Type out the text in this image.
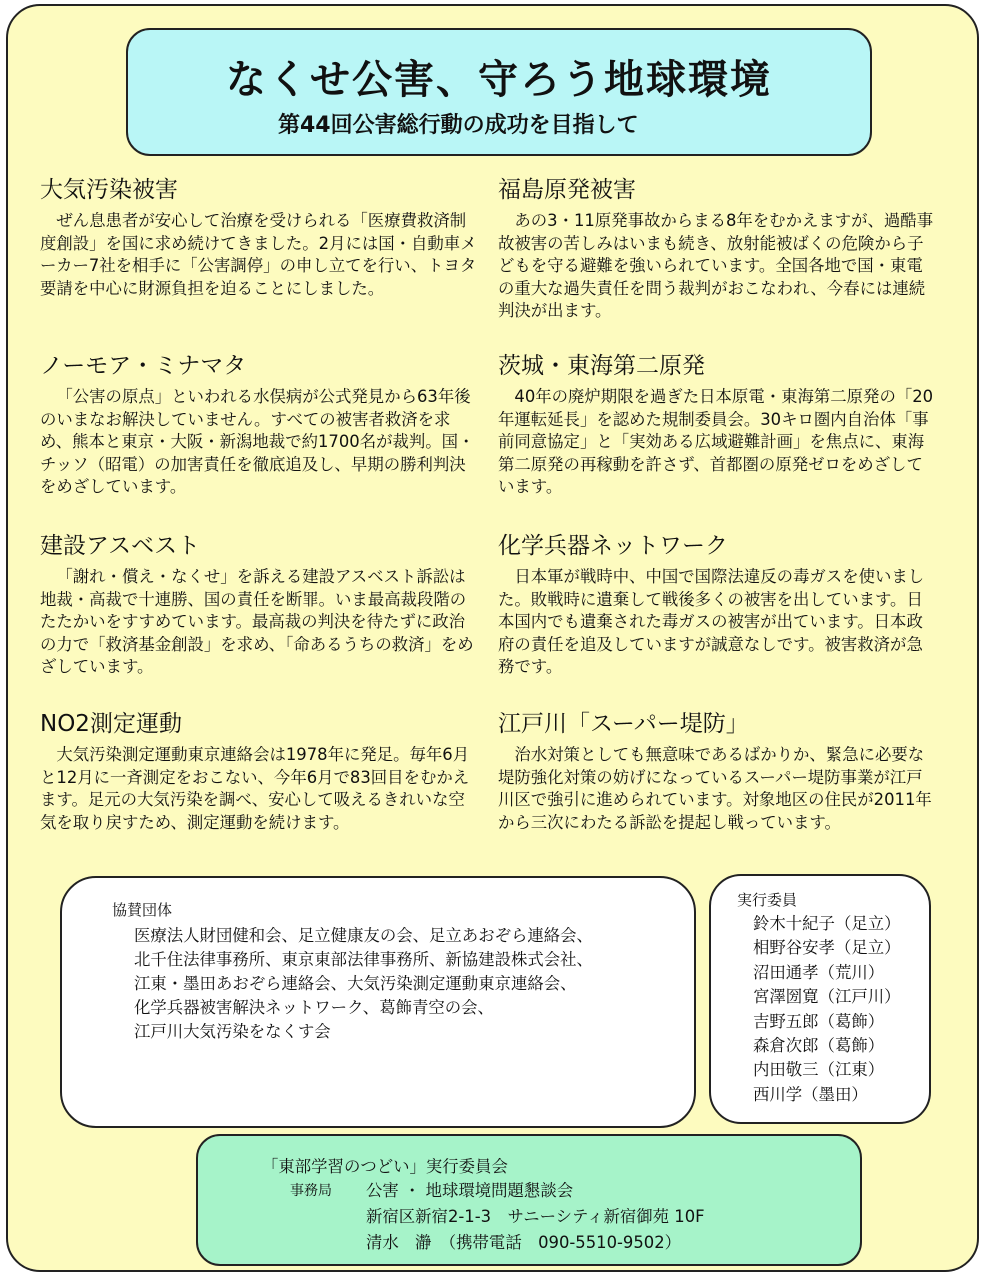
なくせ公害、守ろう地球環境
第44回公害総行動の成功を目指して
大気汚染被害

ぜん息患者が安心して治療を受けられる「医療費救済制度創設」を国に求め続けてきました。2月には国・自動車メーカー7社を相手に「公害調停」の申し立てを行い、トヨタ要請を中心に財源負担を迫ることにしました。

福島原発被害

あの3・11原発事故からまる8年をむかえますが、過酷事故被害の苦しみはいまも続き、放射能被ばくの危険から子どもを守る避難を強いられています。全国各地で国・東電の重大な過失責任を問う裁判がおこなわれ、今春には連続判決が出ます。

ノーモア・ミナマタ

「公害の原点」といわれる水俣病が公式発見から63年後のいまなお解決していません。すべての被害者救済を求め、熊本と東京・大阪・新潟地裁で約1700名が裁判。国・チッソ（昭電）の加害責任を徹底追及し、早期の勝利判決をめざしています。

茨城・東海第二原発

40年の廃炉期限を過ぎた日本原電・東海第二原発の「20年運転延長」を認めた規制委員会。30キロ圏内自治体「事前同意協定」と「実効ある広域避難計画」を焦点に、東海第二原発の再稼動を許さず、首都圏の原発ゼロをめざしています。

建設アスベスト

「謝れ・償え・なくせ」を訴える建設アスベスト訴訟は地裁・高裁で十連勝、国の責任を断罪。いま最高裁段階のたたかいをすすめています。最高裁の判決を待たずに政治の力で「救済基金創設」を求め、「命あるうちの救済」をめざしています。

化学兵器ネットワーク

日本軍が戦時中、中国で国際法違反の毒ガスを使いました。敗戦時に遺棄して戦後多くの被害を出しています。日本国内でも遺棄された毒ガスの被害が出ています。日本政府の責任を追及していますが誠意なしです。被害救済が急務です。

NO2測定運動

大気汚染測定運動東京連絡会は1978年に発足。毎年6月と12月に一斉測定をおこない、今年6月で83回目をむかえます。足元の大気汚染を調べ、安心して吸えるきれいな空気を取り戻すため、測定運動を続けます。

江戸川「スーパー堤防」

治水対策としても無意味であるばかりか、緊急に必要な堤防強化対策の妨げになっているスーパー堤防事業が江戸川区で強引に進められています。対象地区の住民が2011年から三次にわたる訴訟を提起し戦っています。

協賛団体
医療法人財団健和会、足立健康友の会、足立あおぞら連絡会、
北千住法律事務所、東京東部法律事務所、新協建設株式会社、
江東・墨田あおぞら連絡会、大気汚染測定運動東京連絡会、
化学兵器被害解決ネットワーク、葛飾青空の会、
江戸川大気汚染をなくす会
実行委員
鈴木十紀子（足立）
相野谷安孝（足立）
沼田通孝（荒川）
宮澤圀寛（江戸川）
吉野五郎（葛飾）
森倉次郎（葛飾）
内田敬三（江東）
西川学（墨田）
「東部学習のつどい」実行委員会
事務局 公害 ・ 地球環境問題懇談会
新宿区新宿2-1-3　サニーシティ新宿御苑 10F
清水　瀞　（携帯電話　090-5510-9502）
